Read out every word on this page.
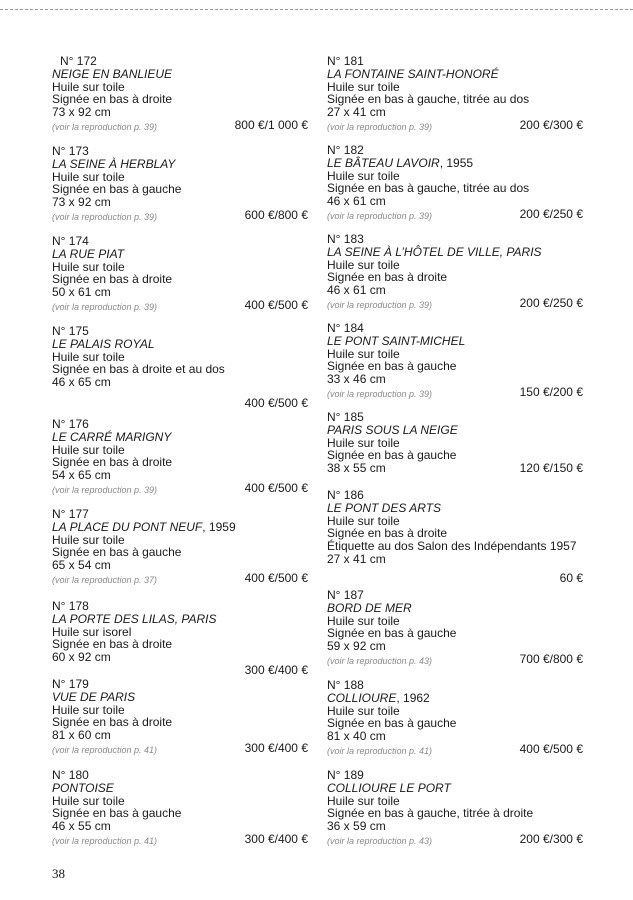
N° 172
NEIGE EN BANLIEUE
Huile sur toile
Signée en bas à droite
73 x 92 cm
(voir la reproduction p. 39)	800 €/1 000 €
N° 173
LA SEINE À HERBLAY
Huile sur toile
Signée en bas à gauche
73 x 92 cm
(voir la reproduction p. 39)	600 €/800 €
N° 174
LA RUE PIAT
Huile sur toile
Signée en bas à droite
50 x 61 cm
(voir la reproduction p. 39)	400 €/500 €
N° 175
LE PALAIS ROYAL
Huile sur toile
Signée en bas à droite et au dos
46 x 65 cm
400 €/500 €
N° 176
LE CARRÉ MARIGNY
Huile sur toile
Signée en bas à droite
54 x 65 cm
(voir la reproduction p. 39)	400 €/500 €
N° 177
LA PLACE DU PONT NEUF, 1959
Huile sur toile
Signée en bas à gauche
65 x 54 cm
(voir la reproduction p. 37)	400 €/500 €
N° 178
LA PORTE DES LILAS, PARIS
Huile sur isorel
Signée en bas à droite
60 x 92 cm
300 €/400 €
N° 179
VUE DE PARIS
Huile sur toile
Signée en bas à droite
81 x 60 cm
(voir la reproduction p. 41)	300 €/400 €
N° 180
PONTOISE
Huile sur toile
Signée en bas à gauche
46 x 55 cm
(voir la reproduction p. 41)	300 €/400 €
N° 181
LA FONTAINE SAINT-HONORÉ
Huile sur toile
Signée en bas à gauche, titrée au dos
27 x 41 cm
(voir la reproduction p. 39)	200 €/300 €
N° 182
LE BÂTEAU LAVOIR, 1955
Huile sur toile
Signée en bas à gauche, titrée au dos
46 x 61 cm
(voir la reproduction p. 39)	200 €/250 €
N° 183
LA SEINE À L’HÔTEL DE VILLE, PARIS
Huile sur toile
Signée en bas à droite
46 x 61 cm
(voir la reproduction p. 39)	200 €/250 €
N° 184
LE PONT SAINT-MICHEL
Huile sur toile
Signée en bas à gauche
33 x 46 cm
(voir la reproduction p. 39)	150 €/200 €
N° 185
PARIS SOUS LA NEIGE
Huile sur toile
Signée en bas à gauche
38 x 55 cm	120 €/150 €
N° 186
LE PONT DES ARTS
Huile sur toile
Signée en bas à droite
Étiquette au dos Salon des Indépendants 1957
27 x 41 cm
60 €
N° 187
BORD DE MER
Huile sur toile
Signée en bas à gauche
59 x 92 cm
(voir la reproduction p. 43)	700 €/800 €
N° 188
COLLIOURE, 1962
Huile sur toile
Signée en bas à gauche
81 x 40 cm
(voir la reproduction p. 41)	400 €/500 €
N° 189
COLLIOURE LE PORT
Huile sur toile
Signée en bas à gauche, titrée à droite
36 x 59 cm
(voir la reproduction p. 43)	200 €/300 €
38
